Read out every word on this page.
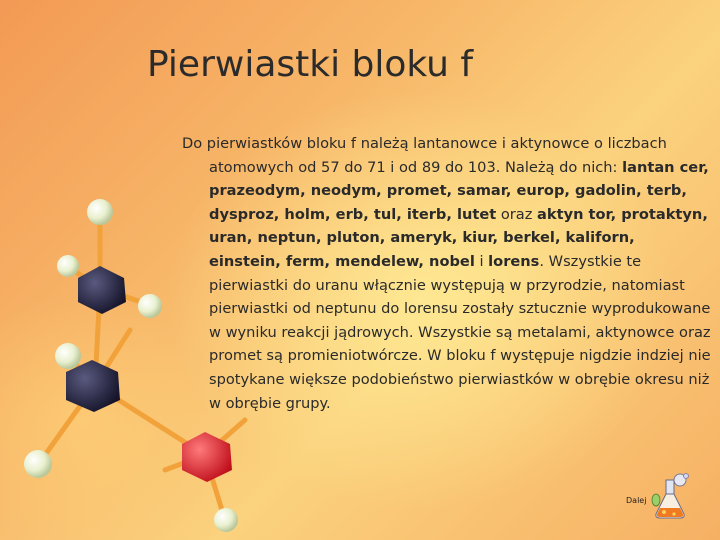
Pierwiastki bloku f
Do pierwiastków bloku f należą lantanowce i aktynowce o liczbach atomowych od 57 do 71 i od 89 do 103. Należą do nich: lantan cer, prazeodym, neodym, promet, samar, europ, gadolin, terb, dysproz, holm, erb, tul, iterb, lutet oraz aktyn tor, protaktyn, uran, neptun, pluton, ameryk, kiur, berkel, kaliforn, einstein, ferm, mendelew, nobel i lorens. Wszystkie te pierwiastki do uranu włącznie występują w przyrodzie, natomiast pierwiastki od neptunu do lorensu zostały sztucznie wyprodukowane w wyniku reakcji jądrowych. Wszystkie są metalami, aktynowce oraz promet są promieniotwórcze. W bloku f występuje nigdzie indziej nie spotykane większe podobieństwo pierwiastków w obrębie okresu niż w obrębie grupy.
Dalej
